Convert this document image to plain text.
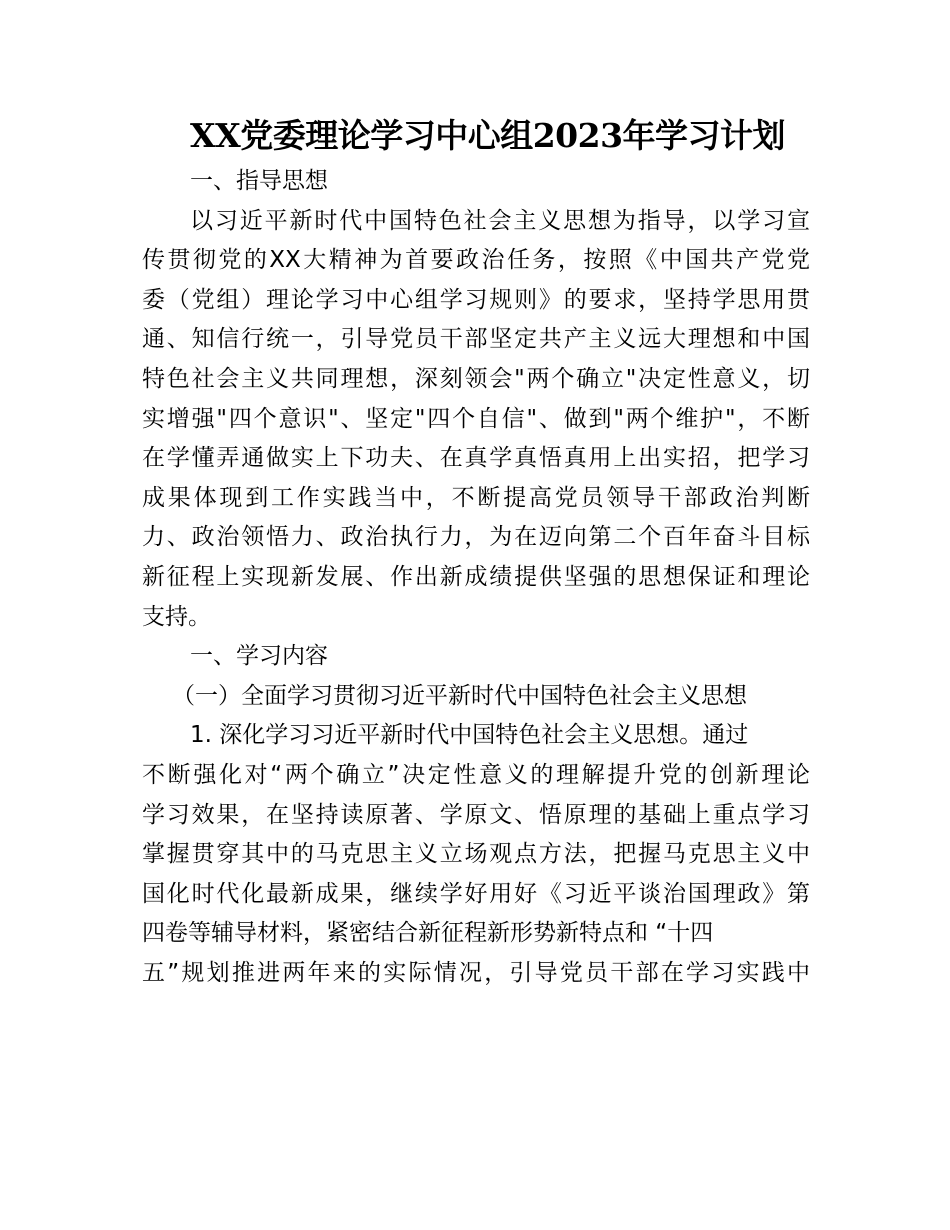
XX党委理论学习中心组2023年学习计划
一、指导思想
以习近平新时代中国特色社会主义思想为指导，以学习宣
传贯彻党的XX大精神为首要政治任务，按照《中国共产党党
委（党组）理论学习中心组学习规则》的要求，坚持学思用贯
通、知信行统一，引导党员干部坚定共产主义远大理想和中国
特色社会主义共同理想，深刻领会"两个确立"决定性意义，切
实增强"四个意识"、坚定"四个自信"、做到"两个维护"，不断
在学懂弄通做实上下功夫、在真学真悟真用上出实招，把学习
成果体现到工作实践当中，不断提高党员领导干部政治判断
力、政治领悟力、政治执行力，为在迈向第二个百年奋斗目标
新征程上实现新发展、作出新成绩提供坚强的思想保证和理论
支持。
一、学习内容
（一）全面学习贯彻习近平新时代中国特色社会主义思想
1. 深化学习习近平新时代中国特色社会主义思想。通过
不断强化对“两个确立”决定性意义的理解提升党的创新理论
学习效果，在坚持读原著、学原文、悟原理的基础上重点学习
掌握贯穿其中的马克思主义立场观点方法，把握马克思主义中
国化时代化最新成果，继续学好用好《习近平谈治国理政》第
四卷等辅导材料，紧密结合新征程新形势新特点和 “十四
五”规划推进两年来的实际情况，引导党员干部在学习实践中
